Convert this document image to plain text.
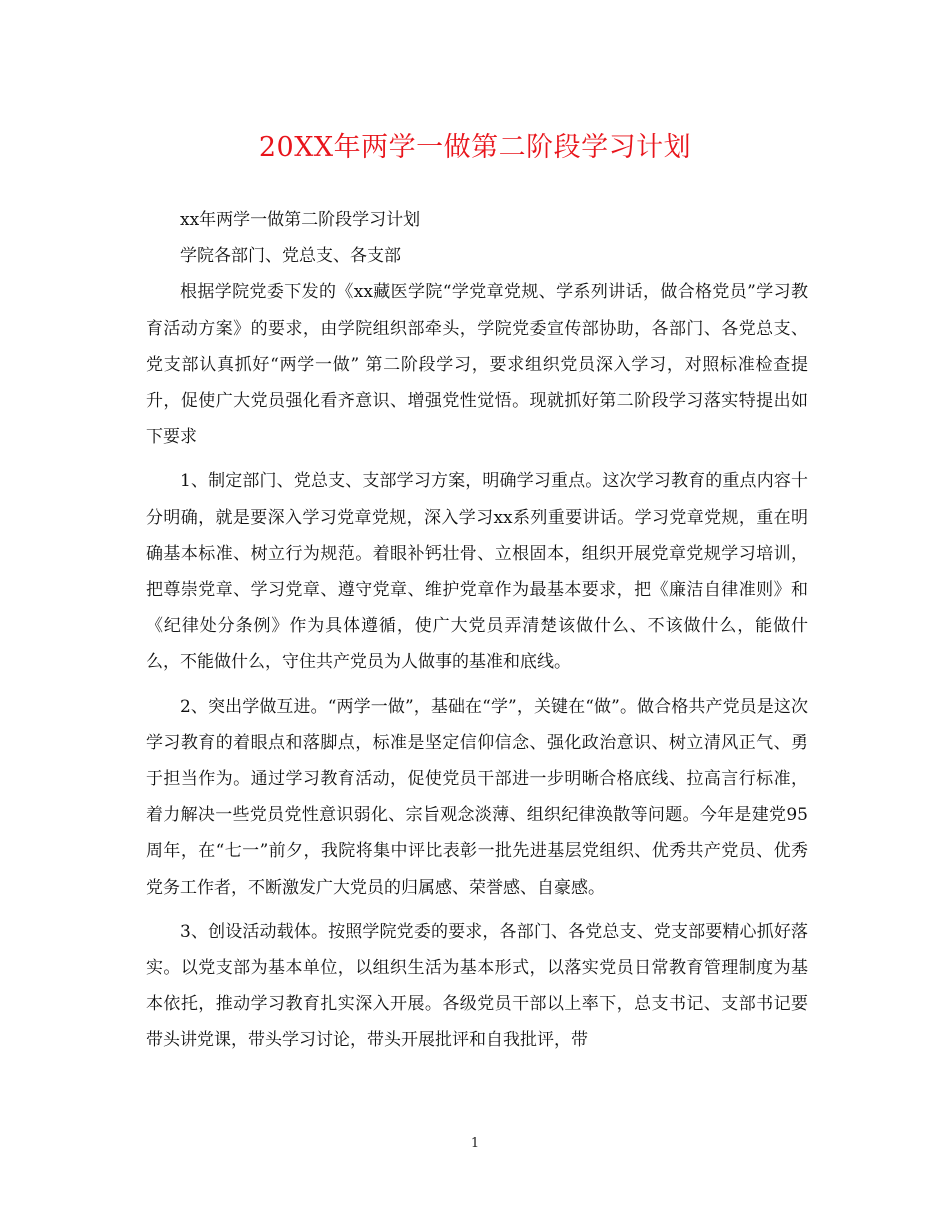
20XX年两学一做第二阶段学习计划

xx年两学一做第二阶段学习计划

学院各部门、党总支、各支部

根据学院党委下发的《xx藏医学院“学党章党规、学系列讲话，做合格党员”学习教育活动方案》的要求，由学院组织部牵头，学院党委宣传部协助，各部门、各党总支、党支部认真抓好“两学一做” 第二阶段学习，要求组织党员深入学习，对照标准检查提升，促使广大党员强化看齐意识、增强党性觉悟。现就抓好第二阶段学习落实特提出如下要求

1、制定部门、党总支、支部学习方案，明确学习重点。这次学习教育的重点内容十分明确，就是要深入学习党章党规，深入学习xx系列重要讲话。学习党章党规，重在明确基本标准、树立行为规范。着眼补钙壮骨、立根固本，组织开展党章党规学习培训，把尊崇党章、学习党章、遵守党章、维护党章作为最基本要求，把《廉洁自律准则》和《纪律处分条例》作为具体遵循，使广大党员弄清楚该做什么、不该做什么，能做什么，不能做什么，守住共产党员为人做事的基准和底线。

2、突出学做互进。“两学一做”，基础在“学”，关键在“做”。做合格共产党员是这次学习教育的着眼点和落脚点，标准是坚定信仰信念、强化政治意识、树立清风正气、勇于担当作为。通过学习教育活动，促使党员干部进一步明晰合格底线、拉高言行标准，着力解决一些党员党性意识弱化、宗旨观念淡薄、组织纪律涣散等问题。今年是建党95周年，在“七一”前夕，我院将集中评比表彰一批先进基层党组织、优秀共产党员、优秀党务工作者，不断激发广大党员的归属感、荣誉感、自豪感。

3、创设活动载体。按照学院党委的要求，各部门、各党总支、党支部要精心抓好落实。以党支部为基本单位，以组织生活为基本形式，以落实党员日常教育管理制度为基本依托，推动学习教育扎实深入开展。各级党员干部以上率下，总支书记、支部书记要带头讲党课，带头学习讨论，带头开展批评和自我批评，带

1
